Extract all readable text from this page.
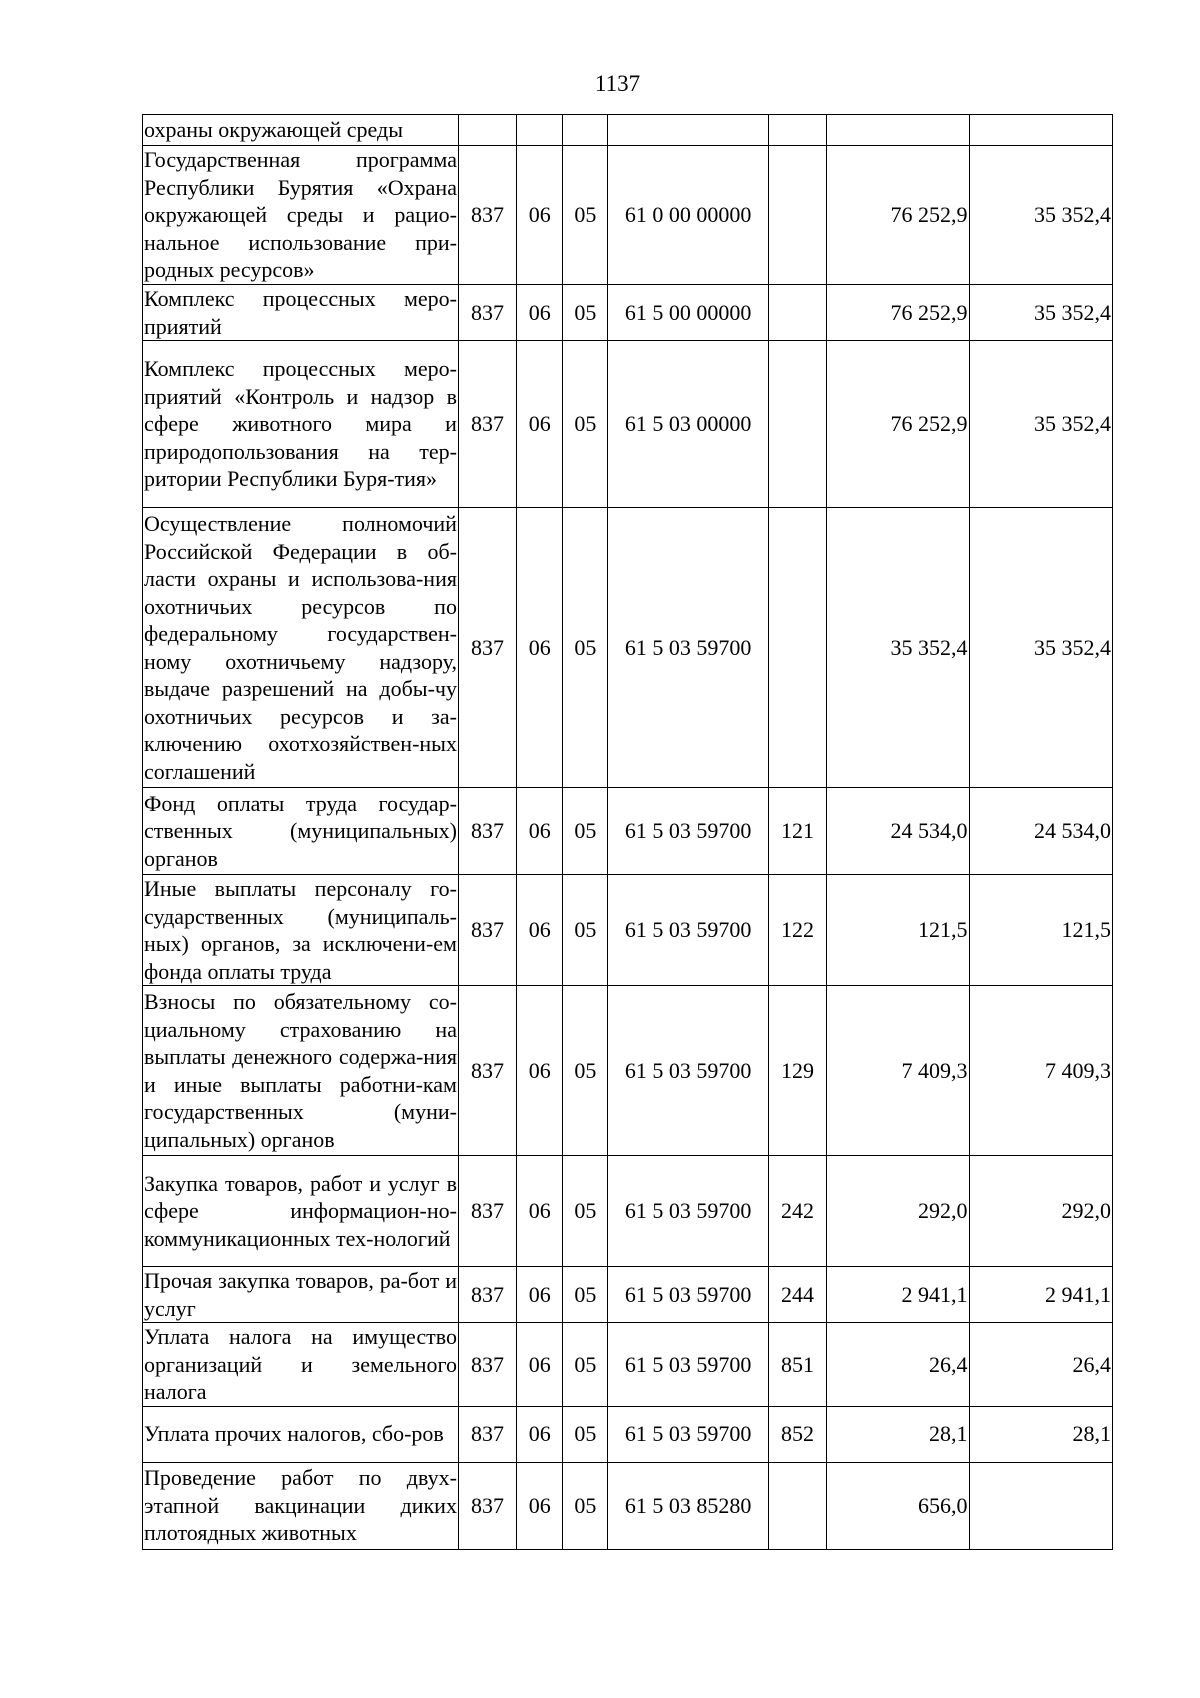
1137
охраны окружающей среды							
Государственная программа Республики Бурятия «Охрана окружающей среды и рацио-нальное использование при-родных ресурсов»	837	06	05	61 0 00 00000		76 252,9	35 352,4
Комплекс процессных меро-приятий	837	06	05	61 5 00 00000		76 252,9	35 352,4
Комплекс процессных меро-приятий «Контроль и надзор в сфере животного мира и природопользования на тер-ритории Республики Буря-тия»	837	06	05	61 5 03 00000		76 252,9	35 352,4
Осуществление полномочий Российской Федерации в об-ласти охраны и использова-ния охотничьих ресурсов по федеральному государствен-ному охотничьему надзору, выдаче разрешений на добы-чу охотничьих ресурсов и за-ключению охотхозяйствен-ных соглашений	837	06	05	61 5 03 59700		35 352,4	35 352,4
Фонд оплаты труда государ-ственных (муниципальных) органов	837	06	05	61 5 03 59700	121	24 534,0	24 534,0
Иные выплаты персоналу го-сударственных (муниципаль-ных) органов, за исключени-ем фонда оплаты труда	837	06	05	61 5 03 59700	122	121,5	121,5
Взносы по обязательному со-циальному страхованию на выплаты денежного содержа-ния и иные выплаты работни-кам государственных (муни-ципальных) органов	837	06	05	61 5 03 59700	129	7 409,3	7 409,3
Закупка товаров, работ и услуг в сфере информацион-но-коммуникационных тех-нологий	837	06	05	61 5 03 59700	242	292,0	292,0
Прочая закупка товаров, ра-бот и услуг	837	06	05	61 5 03 59700	244	2 941,1	2 941,1
Уплата налога на имущество организаций и земельного налога	837	06	05	61 5 03 59700	851	26,4	26,4
Уплата прочих налогов, сбо-ров	837	06	05	61 5 03 59700	852	28,1	28,1
Проведение работ по двух-этапной вакцинации диких плотоядных животных	837	06	05	61 5 03 85280		656,0	
